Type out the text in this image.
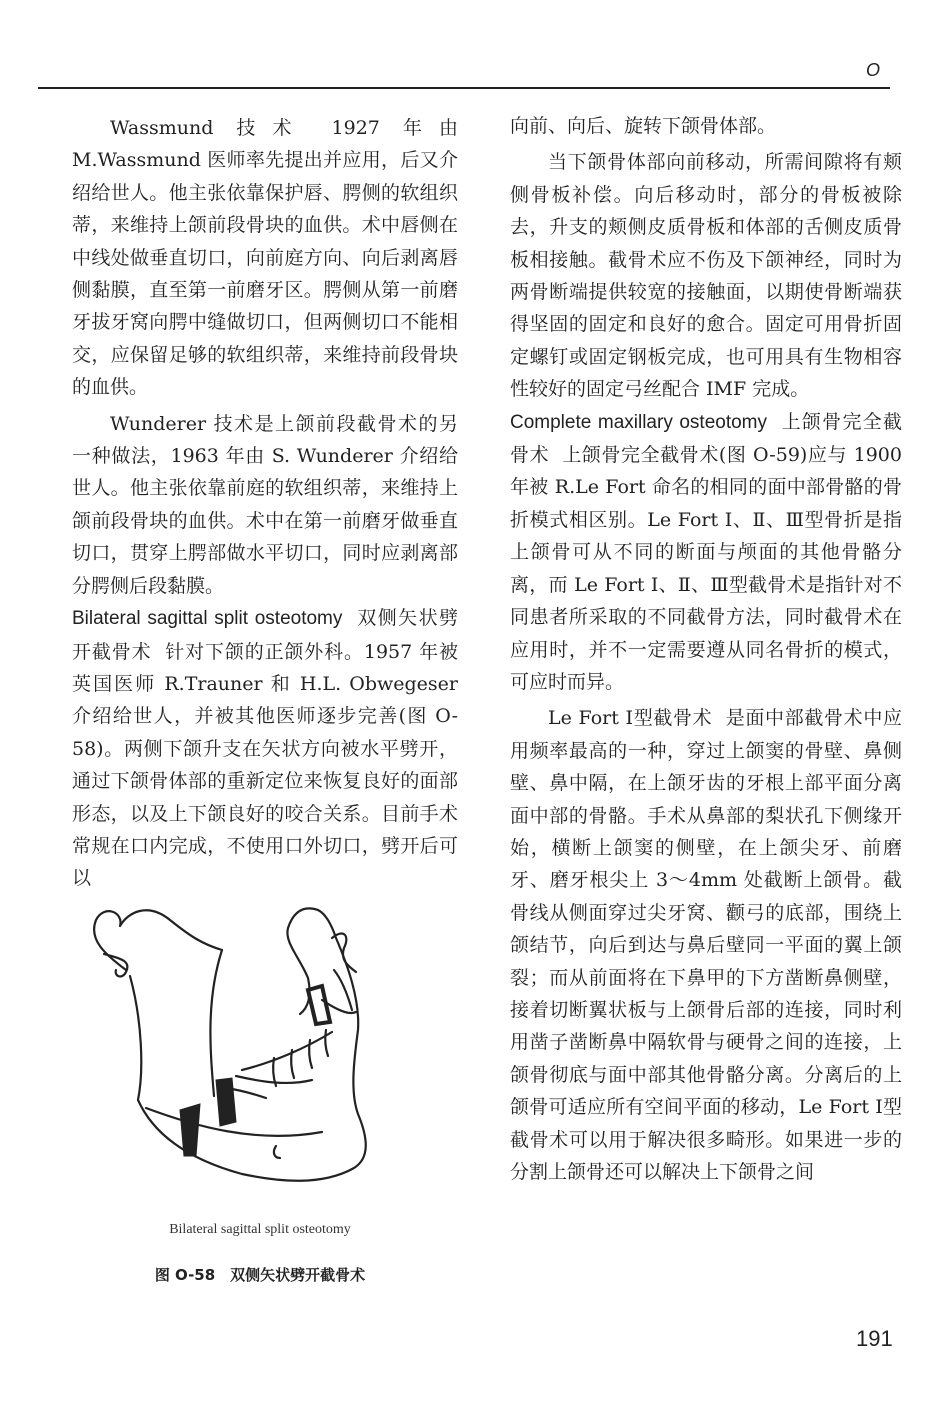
O

Wassmund 技术 1927 年由 M.Wassmund 医师率先提出并应用，后又介绍给世人。他主张依靠保护唇、腭侧的软组织蒂，来维持上颌前段骨块的血供。术中唇侧在中线处做垂直切口，向前庭方向、向后剥离唇侧黏膜，直至第一前磨牙区。腭侧从第一前磨牙拔牙窝向腭中缝做切口，但两侧切口不能相交，应保留足够的软组织蒂，来维持前段骨块的血供。

Wunderer 技术是上颌前段截骨术的另一种做法，1963 年由 S. Wunderer 介绍给世人。他主张依靠前庭的软组织蒂，来维持上颌前段骨块的血供。术中在第一前磨牙做垂直切口，贯穿上腭部做水平切口，同时应剥离部分腭侧后段黏膜。

Bilateral sagittal split osteotomy 双侧矢状劈开截骨术 针对下颌的正颌外科。1957 年被英国医师 R.Trauner 和 H.L. Obwegeser 介绍给世人，并被其他医师逐步完善(图 O-58)。两侧下颌升支在矢状方向被水平劈开，通过下颌骨体部的重新定位来恢复良好的面部形态，以及上下颌良好的咬合关系。目前手术常规在口内完成，不使用口外切口，劈开后可以

向前、向后、旋转下颌骨体部。

当下颌骨体部向前移动，所需间隙将有颊侧骨板补偿。向后移动时，部分的骨板被除去，升支的颊侧皮质骨板和体部的舌侧皮质骨板相接触。截骨术应不伤及下颌神经，同时为两骨断端提供较宽的接触面，以期使骨断端获得坚固的固定和良好的愈合。固定可用骨折固定螺钉或固定钢板完成，也可用具有生物相容性较好的固定弓丝配合 IMF 完成。

Complete maxillary osteotomy 上颌骨完全截骨术 上颌骨完全截骨术(图 O-59)应与 1900 年被 R.Le Fort 命名的相同的面中部骨骼的骨折模式相区别。Le Fort Ⅰ、Ⅱ、Ⅲ型骨折是指上颌骨可从不同的断面与颅面的其他骨骼分离，而 Le Fort Ⅰ、Ⅱ、Ⅲ型截骨术是指针对不同患者所采取的不同截骨方法，同时截骨术在应用时，并不一定需要遵从同名骨折的模式，可应时而异。

Le Fort Ⅰ型截骨术 是面中部截骨术中应用频率最高的一种，穿过上颌窦的骨壁、鼻侧壁、鼻中隔，在上颌牙齿的牙根上部平面分离面中部的骨骼。手术从鼻部的梨状孔下侧缘开始，横断上颌窦的侧壁，在上颌尖牙、前磨牙、磨牙根尖上 3～4mm 处截断上颌骨。截骨线从侧面穿过尖牙窝、颧弓的底部，围绕上颌结节，向后到达与鼻后壁同一平面的翼上颌裂；而从前面将在下鼻甲的下方凿断鼻侧壁，接着切断翼状板与上颌骨后部的连接，同时利用凿子凿断鼻中隔软骨与硬骨之间的连接，上颌骨彻底与面中部其他骨骼分离。分离后的上颌骨可适应所有空间平面的移动，Le Fort Ⅰ型截骨术可以用于解决很多畸形。如果进一步的分割上颌骨还可以解决上下颌骨之间

Bilateral sagittal split osteotomy
图 O-58　双侧矢状劈开截骨术
191
